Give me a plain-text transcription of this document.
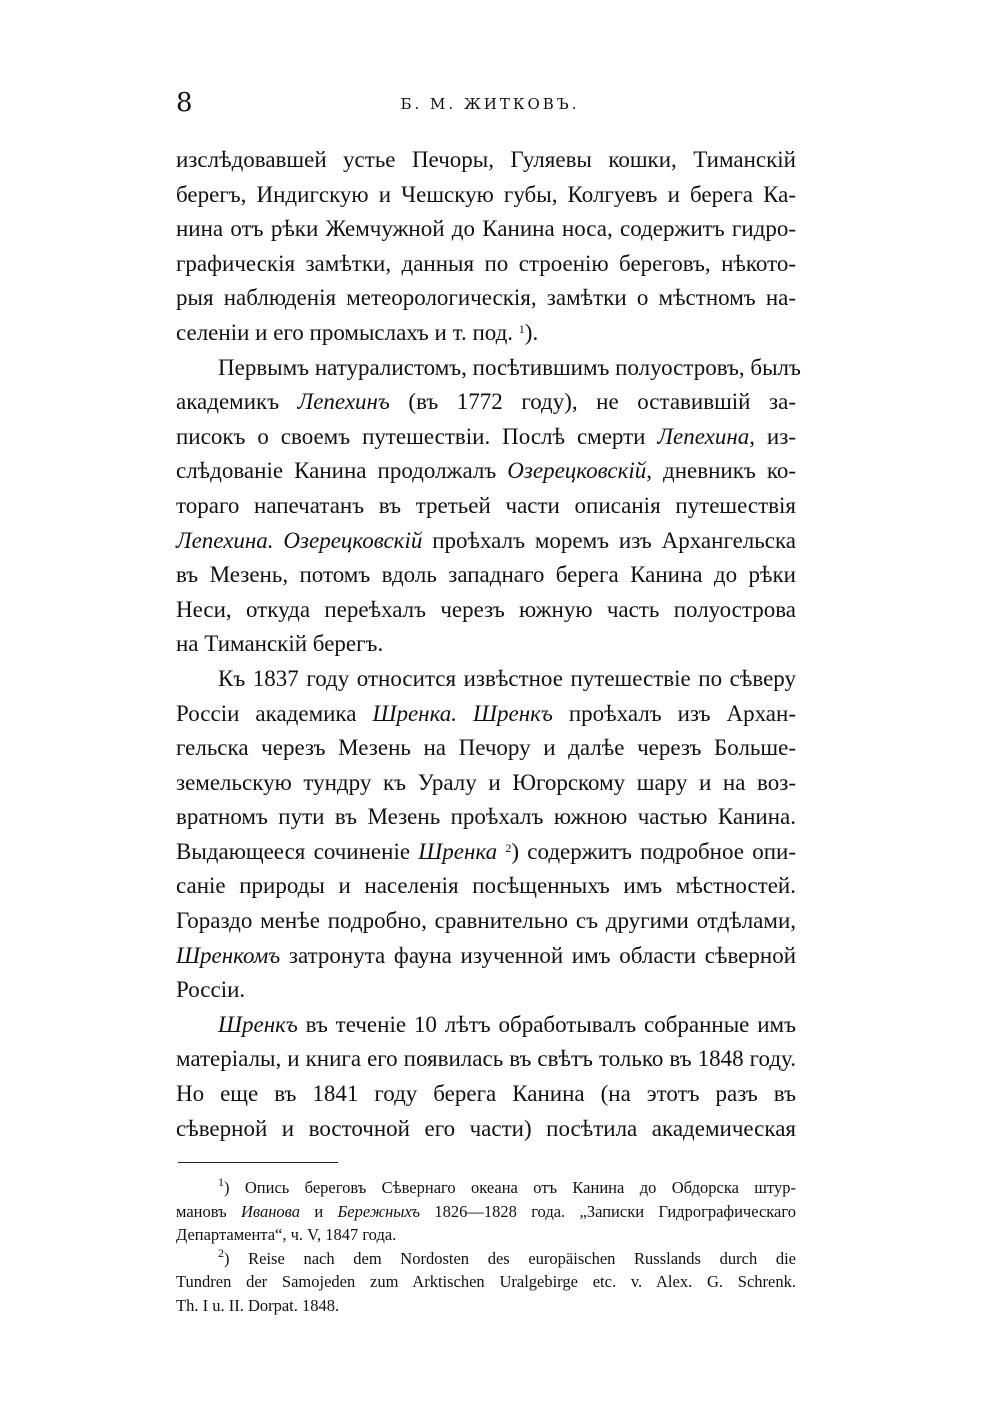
8	Б. М. ЖИТКОВЪ.
изслѣдовавшей устье Печоры, Гуляевы кошки, Тиманскій
берегъ, Индигскую и Чешскую губы, Колгуевъ и берега Ка-
нина отъ рѣки Жемчужной до Канина носа, содержитъ гидро-
графическія замѣтки, данныя по строенію береговъ, нѣкото-
рыя наблюденія метеорологическія, замѣтки о мѣстномъ на-
селеніи и его промыслахъ и т. под. $^1$).
Первымъ натуралистомъ, посѣтившимъ полуостровъ, былъ
академикъ Лепехинъ (въ 1772 году), не оставившій за-
писокъ о своемъ путешествіи. Послѣ смерти Лепехина, из-
слѣдованіе Канина продолжалъ Озерецковскій, дневникъ ко-
тораго напечатанъ въ третьей части описанія путешествія
Лепехина. Озерецковскій проѣхалъ моремъ изъ Архангельска
въ Мезень, потомъ вдоль западнаго берега Канина до рѣки
Неси, откуда переѣхалъ черезъ южную часть полуострова
на Тиманскій берегъ.
Къ 1837 году относится извѣстное путешествіе по сѣверу
Россіи академика Шренка. Шренкъ проѣхалъ изъ Архан-
гельска черезъ Мезень на Печору и далѣе черезъ Больше-
земельскую тундру къ Уралу и Югорскому шару и на воз-
вратномъ пути въ Мезень проѣхалъ южною частью Канина.
Выдающееся сочиненіе Шренка $^2$) содержитъ подробное опи-
саніе природы и населенія посѣщенныхъ имъ мѣстностей.
Гораздо менѣе подробно, сравнительно съ другими отдѣлами,
Шренкомъ затронута фауна изученной имъ области сѣверной
Россіи.
Шренкъ въ теченіе 10 лѣтъ обработывалъ собранные имъ
матеріалы, и книга его появилась въ свѣтъ только въ 1848 году.
Но еще въ 1841 году берега Канина (на этотъ разъ въ
сѣверной и восточной его части) посѣтила академическая
$^1$) Опись береговъ Сѣвернаго океана отъ Канина до Обдорска штур-
мановъ Иванова и Бережныхъ 1826—1828 года. „Записки Гидрографическаго
Департамента“, ч. V, 1847 года.
$^2$) Reise nach dem Nordosten des europäischen Russlands durch die
Tundren der Samojeden zum Arktischen Uralgebirge etc. v. Alex. G. Schrenk.
Th. I u. II. Dorpat. 1848.
